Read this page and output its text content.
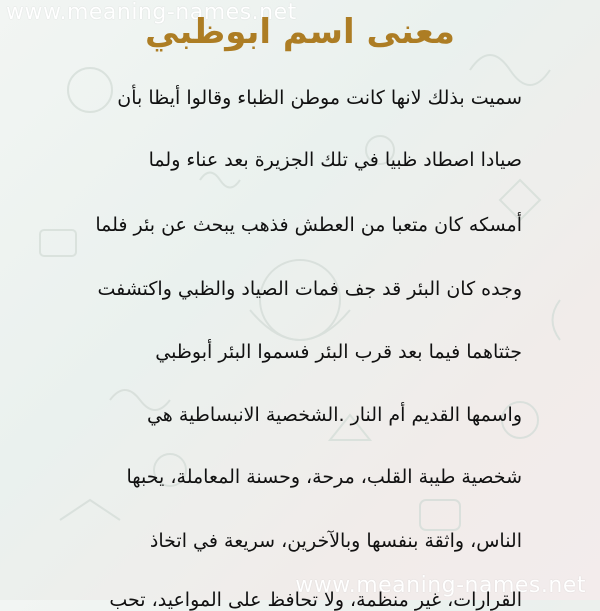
www.meaning-names.net
www.meaning-names.net
معنى اسم ابوظبي
سميت بذلك لانها كانت موطن الظباء وقالوا أيظا بأن
صيادا اصطاد ظبيا في تلك الجزيرة بعد عناء ولما
أمسكه كان متعبا من العطش فذهب يبحث عن بئر فلما
وجده كان البئر قد جف فمات الصياد والظبي واكتشفت
جثتاهما فيما بعد قرب البئر فسموا البئر أبوظبي
واسمها القديم أم النار .الشخصية الانبساطية هي
شخصية طيبة القلب، مرحة، وحسنة المعاملة، يحبها
الناس، واثقة بنفسها وبالآخرين، سريعة في اتخاذ
القرارات، غير منظمة، ولا تحافظ على المواعيد، تحب
